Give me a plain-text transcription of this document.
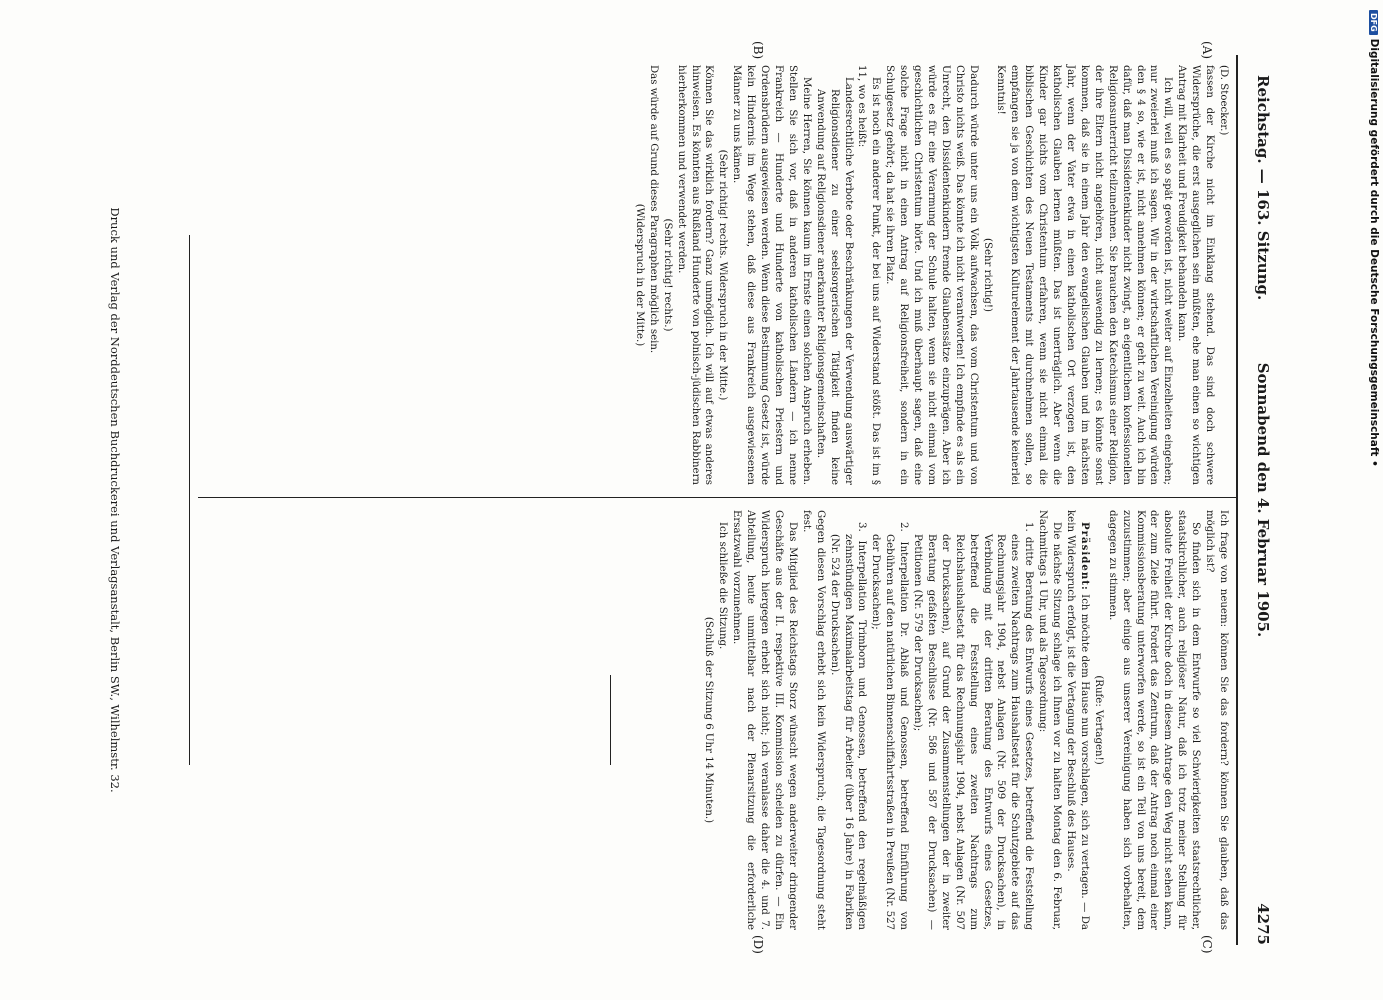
Reichstag. — 163. Sitzung.
Sonnabend den 4. Februar 1905.
4275
(A)
(B)
(C)
(D)

(D. Stoecker.)

fassen der Kirche nicht im Einklang stehend. Das sind doch schwere Widersprüche, die erst ausgeglichen sein müßten, ehe man einen so wichtigen Antrag mit Klarheit und Freudigkeit behandeln kann.

Ich will, weil es so spät geworden ist, nicht weiter auf Einzelheiten eingehen; nur zweierlei muß ich sagen. Wir in der wirtschaftlichen Vereinigung würden den § 4 so, wie er ist, nicht annehmen können; er geht zu weit. Auch ich bin dafür, daß man Dissidentenkinder nicht zwingt, an eigentlichem konfessionellen Religionsunterricht teilzunehmen. Sie brauchen den Katechismus einer Religion, der ihre Eltern nicht angehören, nicht auswendig zu lernen; es könnte sonst kommen, daß sie in einem Jahr den evangelischen Glauben und im nächsten Jahr, wenn der Vater etwa in einen katholischen Ort verzogen ist, den katholischen Glauben lernen müßten. Das ist unerträglich. Aber wenn die Kinder gar nichts vom Christentum erfahren, wenn sie nicht einmal die biblischen Geschichten des Neuen Testaments mit durchnehmen sollen, so empfangen sie ja von dem wichtigsten Kulturelement der Jahrtausende keinerlei Kenntnis!

(Sehr richtig!)

Dadurch würde unter uns ein Volk aufwachsen, das vom Christentum und von Christo nichts weiß. Das könnte ich nicht verantworten! Ich empfinde es als ein Unrecht, den Dissidentenkindern fremde Glaubenssätze einzuprägen. Aber ich würde es für eine Verarmung der Schule halten, wenn sie nicht einmal vom geschichtlichen Christentum hörte. Und ich muß überhaupt sagen, daß eine solche Frage nicht in einen Antrag auf Religionsfreiheit, sondern in ein Schulgesetz gehört; da hat sie ihren Platz.

Es ist noch ein anderer Punkt, der bei uns auf Widerstand stößt. Das ist im § 11, wo es heißt:

Landesrechtliche Verbote oder Beschränkungen der Verwendung auswärtiger Religionsdiener zu einer seelsorgerischen Tätigkeit finden keine Anwendung auf Religionsdiener anerkannter Religionsgemeinschaften.

Meine Herren, Sie können kaum im Ernste einen solchen Anspruch erheben. Stellen Sie sich vor, daß in anderen katholischen Ländern — ich nenne Frankreich — Hunderte und Hunderte von katholischen Priestern und Ordensbrüdern ausgewiesen werden. Wenn diese Bestimmung Gesetz ist, würde kein Hindernis im Wege stehen, daß diese aus Frankreich ausgewiesenen Männer zu uns kämen.

(Sehr richtig! rechts. Widerspruch in der Mitte.)

Können Sie das wirklich fordern? Ganz unmöglich. Ich will auf etwas anderes hinweisen. Es könnten aus Rußland Hunderte von polnisch-jüdischen Rabbinern hierherkommen und verwendet werden.

(Sehr richtig! rechts.)

Das würde auf Grund dieses Paragraphen möglich sein.

(Widerspruch in der Mitte.)

Ich frage von neuem: können Sie das fordern? können Sie glauben, daß das möglich ist?

So finden sich in dem Entwurfe so viel Schwierigkeiten staatsrechtlicher, staatskirchlicher, auch religiöser Natur, daß ich trotz meiner Stellung für absolute Freiheit der Kirche doch in diesem Antrage den Weg nicht sehen kann, der zum Ziele führt. Fordert das Zentrum, daß der Antrag noch einmal einer Kommissionsberatung unterworfen werde, so ist ein Teil von uns bereit, dem zuzustimmen; aber einige aus unserer Vereinigung haben sich vorbehalten, dagegen zu stimmen.

(Rufe: Vertagen!)

Präsident: Ich möchte dem Hause nun vorschlagen, sich zu vertagen. — Da kein Widerspruch erfolgt, ist die Vertagung der Beschluß des Hauses.

Die nächste Sitzung schlage ich Ihnen vor zu halten Montag den 6. Februar, Nachmittags 1 Uhr, und als Tagesordnung:

1. dritte Beratung des Entwurfs eines Gesetzes, betreffend die Feststellung eines zweiten Nachtrags zum Haushaltsetat für die Schutzgebiete auf das Rechnungsjahr 1904, nebst Anlagen (Nr. 509 der Drucksachen), in Verbindung mit der dritten Beratung des Entwurfs eines Gesetzes, betreffend die Feststellung eines zweiten Nachtrags zum Reichshaushaltsetat für das Rechnungsjahr 1904, nebst Anlagen (Nr. 507 der Drucksachen), auf Grund der Zusammenstellungen der in zweiter Beratung gefaßten Beschlüsse (Nr. 586 und 587 der Drucksachen) — Petitionen (Nr. 579 der Drucksachen);

2. Interpellation Dr. Ablaß und Genossen, betreffend Einführung von Gebühren auf den natürlichen Binnenschiffahrtsstraßen in Preußen (Nr. 527 der Drucksachen);

3. Interpellation Trimborn und Genossen, betreffend den regelmäßigen zehnstündigen Maximalarbeitstag für Arbeiter (über 16 Jahre) in Fabriken (Nr. 524 der Drucksachen).

Gegen diesen Vorschlag erhebt sich kein Widerspruch; die Tagesordnung steht fest.

Das Mitglied des Reichstags Storz wünscht wegen anderweiter dringender Geschäfte aus der II. respektive III. Kommission scheiden zu dürfen. — Ein Widerspruch hiergegen erhebt sich nicht; ich veranlasse daher die 4. und 7. Abteilung, heute unmittelbar nach der Plenarsitzung die erforderliche Ersatzwahl vorzunehmen.

Ich schließe die Sitzung.

(Schluß der Sitzung 6 Uhr 14 Minuten.)

Druck und Verlag der Norddeutschen Buchdruckerei und Verlagsanstalt, Berlin SW., Wilhelmstr. 32.
DFGDigitalisierung gefördert durch die Deutsche Forschungsgemeinschaft •
